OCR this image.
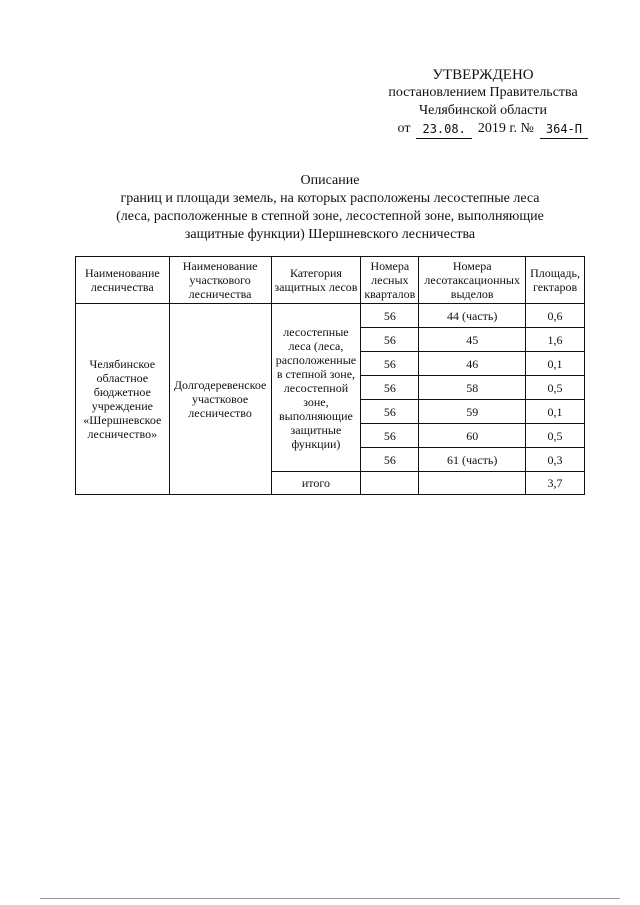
УТВЕРЖДЕНО
постановлением Правительства
Челябинской области
от	23.08. 2019 г. №	364-П
Описание
границ и площади земель, на которых расположены лесостепные леса
(леса, расположенные в степной зоне, лесостепной зоне, выполняющие
защитные функции) Шершневского лесничества
Наименование лесничества	Наименование участкового лесничества	Категория защитных лесов	Номера лесных кварталов	Номера лесотаксационных выделов	Площадь, гектаров
Челябинское областное бюджетное учреждение «Шершневское лесничество»	Долгодеревенское участковое лесничество	лесостепные леса (леса, расположенные в степной зоне, лесостепной зоне, выполняющие защитные функции)	56	44 (часть)	0,6
			56	45	1,6
			56	46	0,1
			56	58	0,5
			56	59	0,1
			56	60	0,5
			56	61 (часть)	0,3
		итого			3,7
